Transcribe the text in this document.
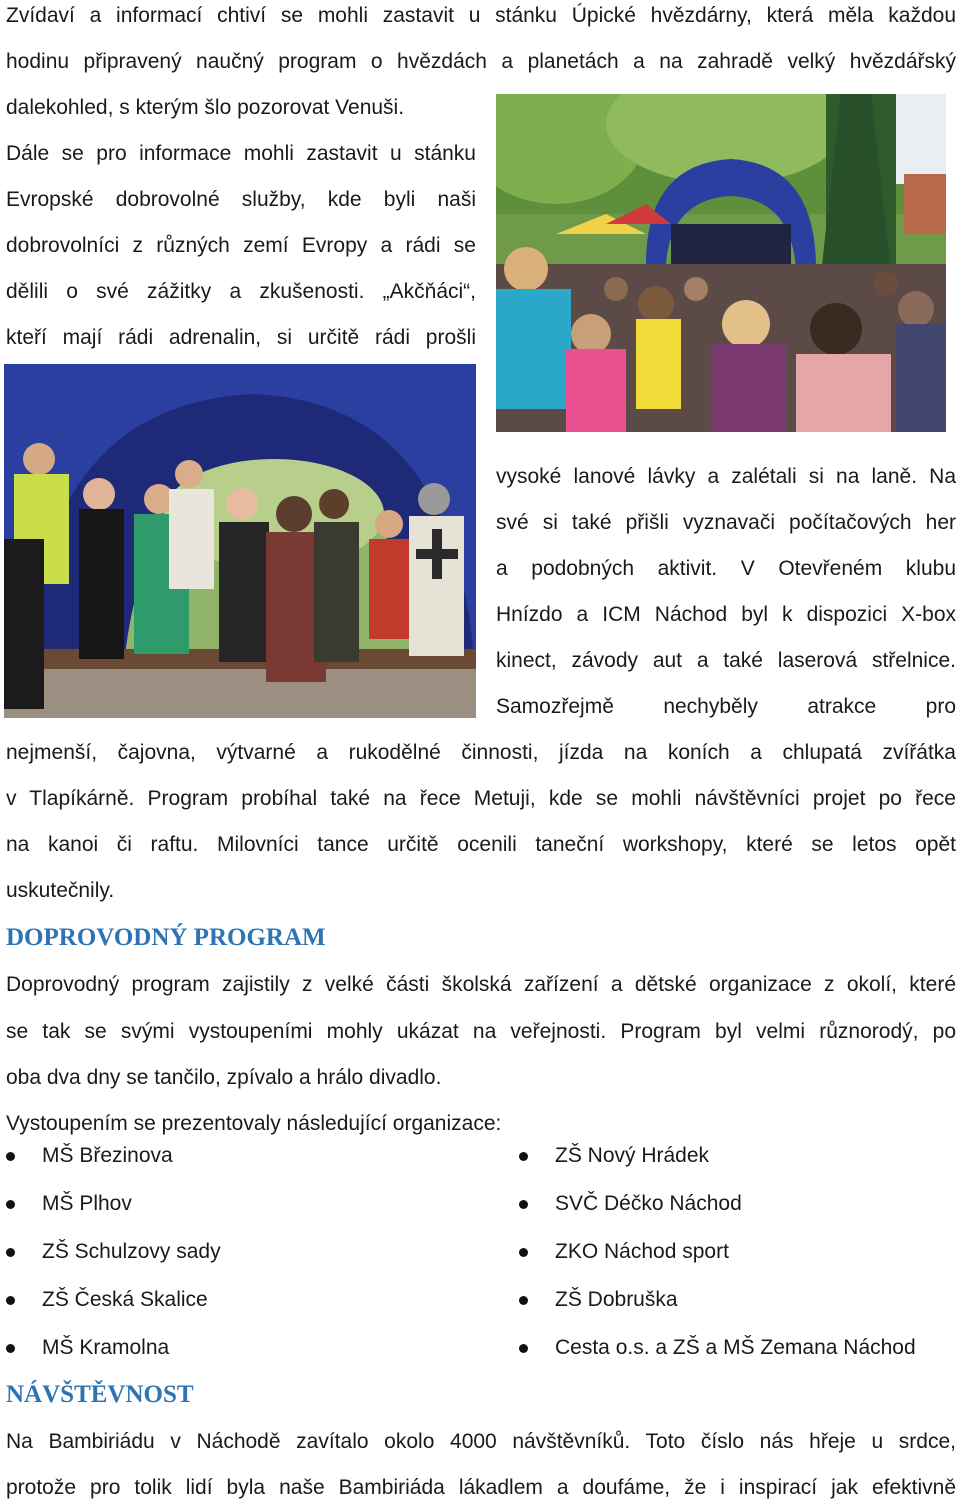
Zvídaví a informací chtiví se mohli zastavit u stánku Úpické hvězdárny, která měla každou
hodinu připravený naučný program o hvězdách a planetách a na zahradě velký hvězdářský
dalekohled, s kterým šlo pozorovat Venuši.
Dále se pro informace mohli zastavit u stánku
Evropské dobrovolné služby, kde byli naši
dobrovolníci z různých zemí Evropy a rádi se
dělili o své zážitky a zkušenosti. „Akčňáci“,
kteří mají rádi adrenalin, si určitě rádi prošli
vysoké lanové lávky a zalétali si na laně. Na
své si také přišli vyznavači počítačových her
a podobných aktivit. V Otevřeném klubu
Hnízdo a ICM Náchod byl k dispozici X-box
kinect, závody aut a také laserová střelnice.
Samozřejmě nechyběly atrakce pro
nejmenší, čajovna, výtvarné a rukodělné činnosti, jízda na koních a chlupatá zvířátka
v Tlapíkárně. Program probíhal také na řece Metuji, kde se mohli návštěvníci projet po řece
na kanoi či raftu. Milovníci tance určitě ocenili taneční workshopy, které se letos opět
uskutečnily.
DOPROVODNÝ PROGRAM
Doprovodný program zajistily z velké části školská zařízení a dětské organizace z okolí, které
se tak se svými vystoupeními mohly ukázat na veřejnosti. Program byl velmi různorodý, po
oba dva dny se tančilo, zpívalo a hrálo divadlo.
Vystoupením se prezentovaly následující organizace:
MŠ Březinova
MŠ Plhov
ZŠ Schulzovy sady
ZŠ Česká Skalice
MŠ Kramolna
ZŠ Nový Hrádek
SVČ Déčko Náchod
ZKO Náchod sport
ZŠ Dobruška
Cesta o.s. a ZŠ a MŠ Zemana Náchod
NÁVŠTĚVNOST
Na Bambiriádu v Náchodě zavítalo okolo 4000 návštěvníků. Toto číslo nás hřeje u srdce,
protože pro tolik lidí byla naše Bambiriáda lákadlem a doufáme, že i inspirací jak efektivně
